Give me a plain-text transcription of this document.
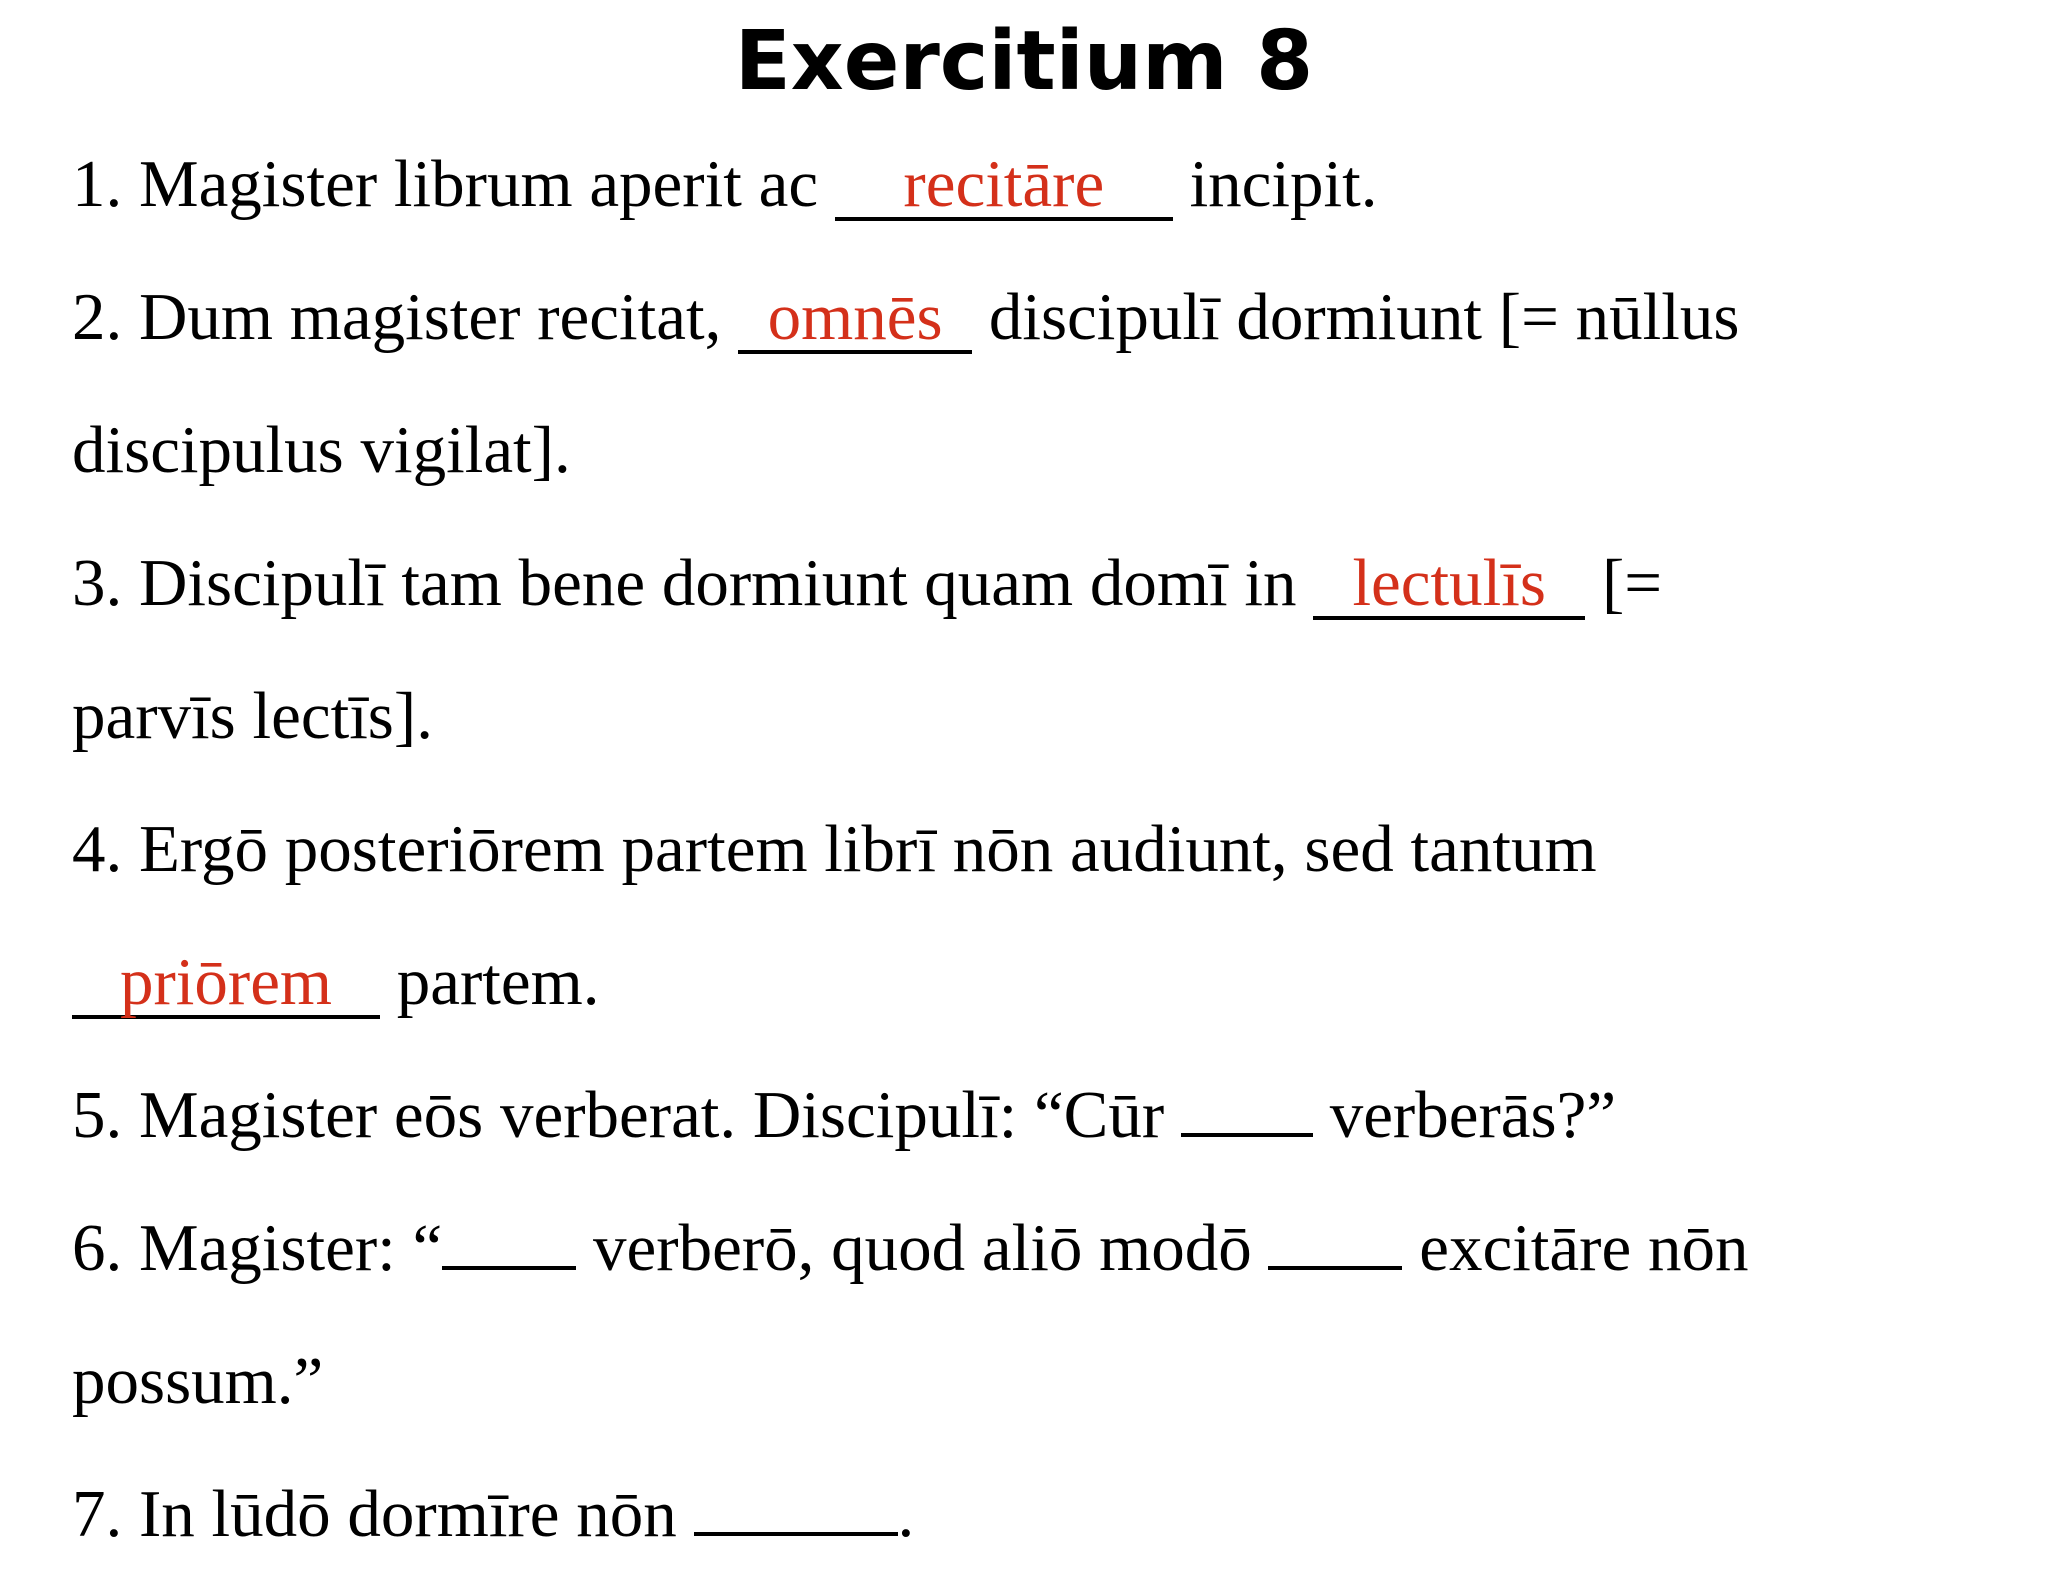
Exercitium 8
1. Magister librum aperit ac recitāre incipit.
2. Dum magister recitat, omnēs discipulī dormiunt [= nūllus
discipulus vigilat].
3. Discipulī tam bene dormiunt quam domī in lectulīs [=
parvīs lectīs].
4. Ergō posteriōrem partem librī nōn audiunt, sed tantum
priōrem partem.
5. Magister eōs verberat. Discipulī: “Cūr  verberās?”
6. Magister: “ verberō, quod aliō modō  excitāre nōn
possum.”
7. In lūdō dormīre nōn	.
